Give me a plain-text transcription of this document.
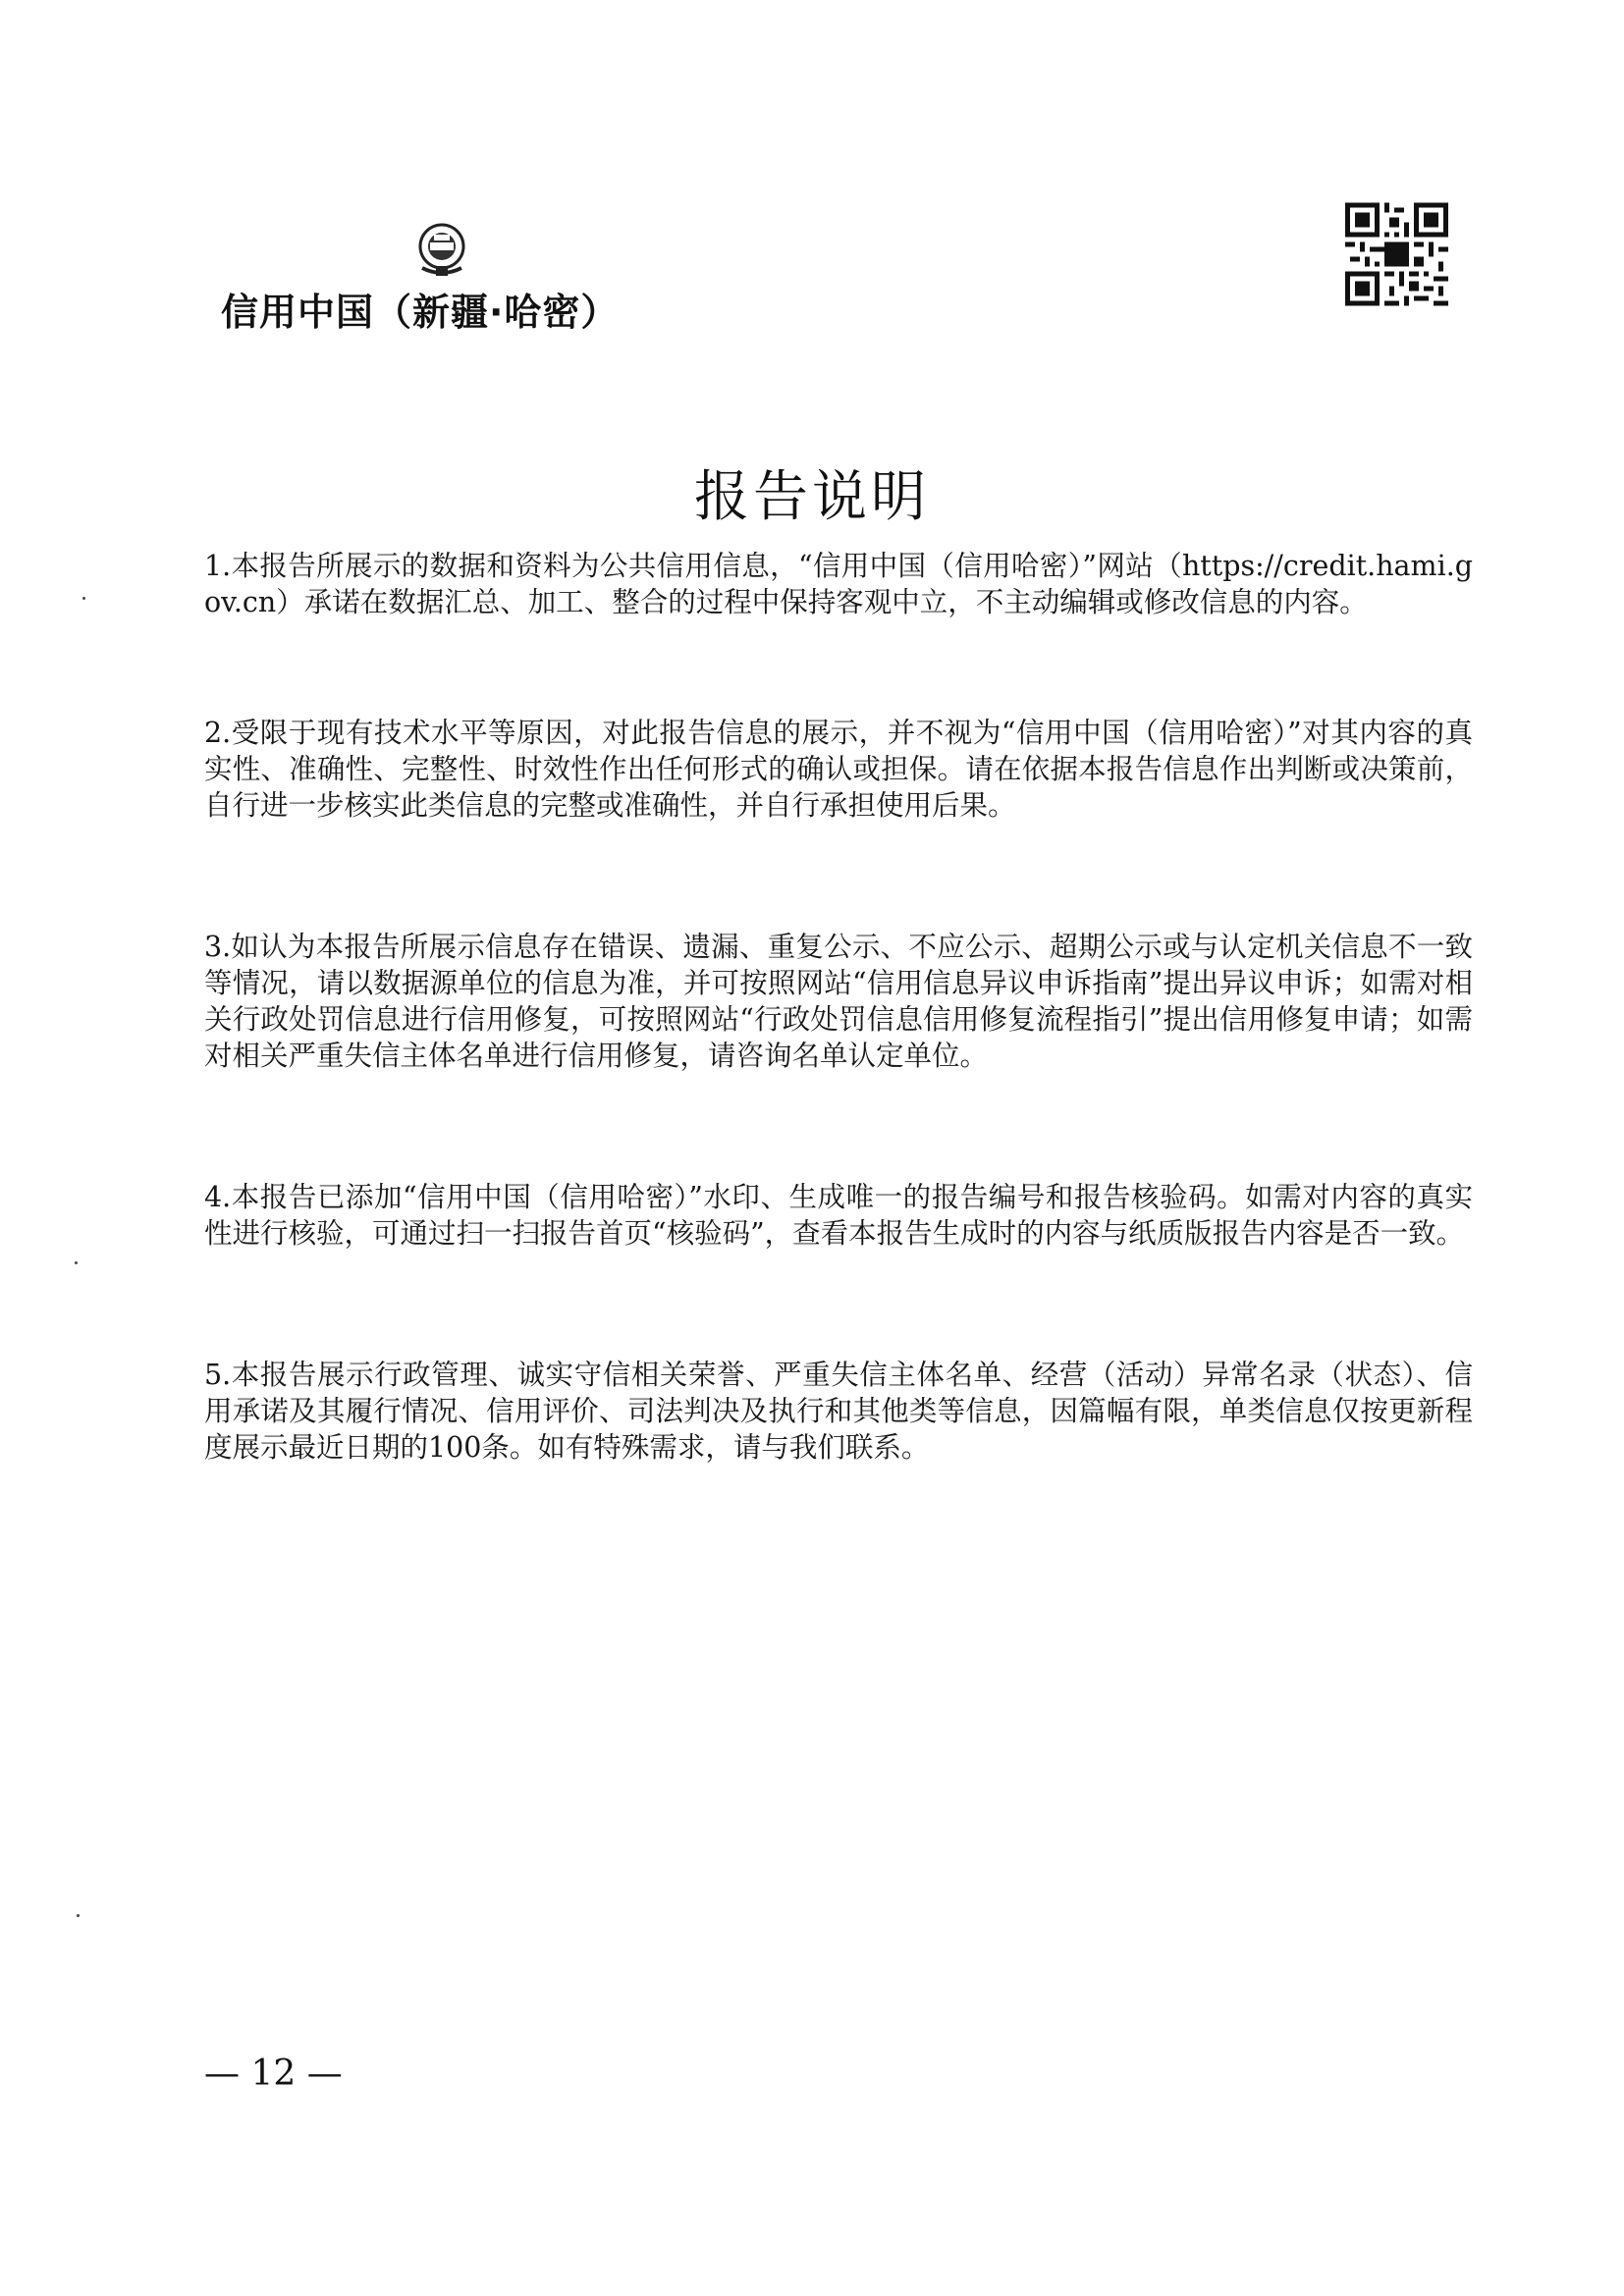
信用中国（新疆·哈密）
报告说明

1.本报告所展示的数据和资料为公共信用信息，“信用中国（信用哈密）”网站（https://credit.hami.gov.cn）承诺在数据汇总、加工、整合的过程中保持客观中立，不主动编辑或修改信息的内容。

2.受限于现有技术水平等原因，对此报告信息的展示，并不视为“信用中国（信用哈密）”对其内容的真实性、准确性、完整性、时效性作出任何形式的确认或担保。请在依据本报告信息作出判断或决策前，自行进一步核实此类信息的完整或准确性，并自行承担使用后果。

3.如认为本报告所展示信息存在错误、遗漏、重复公示、不应公示、超期公示或与认定机关信息不一致等情况，请以数据源单位的信息为准，并可按照网站“信用信息异议申诉指南”提出异议申诉；如需对相关行政处罚信息进行信用修复，可按照网站“行政处罚信息信用修复流程指引”提出信用修复申请；如需对相关严重失信主体名单进行信用修复，请咨询名单认定单位。

4.本报告已添加“信用中国（信用哈密）”水印、生成唯一的报告编号和报告核验码。如需对内容的真实性进行核验，可通过扫一扫报告首页“核验码”，查看本报告生成时的内容与纸质版报告内容是否一致。

5.本报告展示行政管理、诚实守信相关荣誉、严重失信主体名单、经营（活动）异常名录（状态）、信用承诺及其履行情况、信用评价、司法判决及执行和其他类等信息，因篇幅有限，单类信息仅按更新程度展示最近日期的100条。如有特殊需求，请与我们联系。

— 12 —
